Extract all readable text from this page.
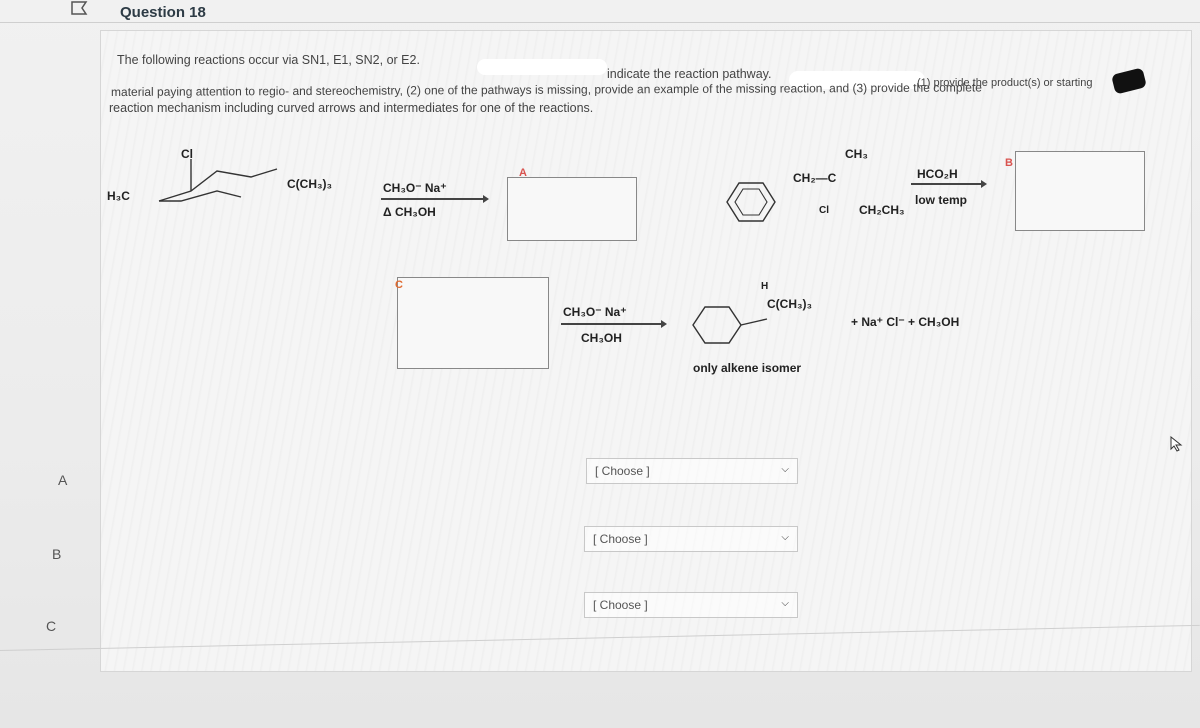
Question 18
The following reactions occur via SN1, E1, SN2, or E2.
indicate the reaction pathway.
(1) provide the product(s) or starting
material paying attention to regio- and stereochemistry, (2) one of the pathways is missing, provide an example of the missing reaction, and (3) provide the complete
reaction mechanism including curved arrows and intermediates for one of the reactions.
Cl
H₃C
C(CH₃)₃	CH₃O⁻ Na⁺
Δ CH₃OH
A
CH₃
CH₂—C
Cl	CH₂CH₃
HCO₂H
low temp
B
C
CH₃O⁻ Na⁺
CH₃OH
H
C(CH₃)₃
+ Na⁺ Cl⁻ + CH₃OH
only alkene isomer
A
B
C
[ Choose ]	⌵
[ Choose ]	⌵
[ Choose ]	⌵
